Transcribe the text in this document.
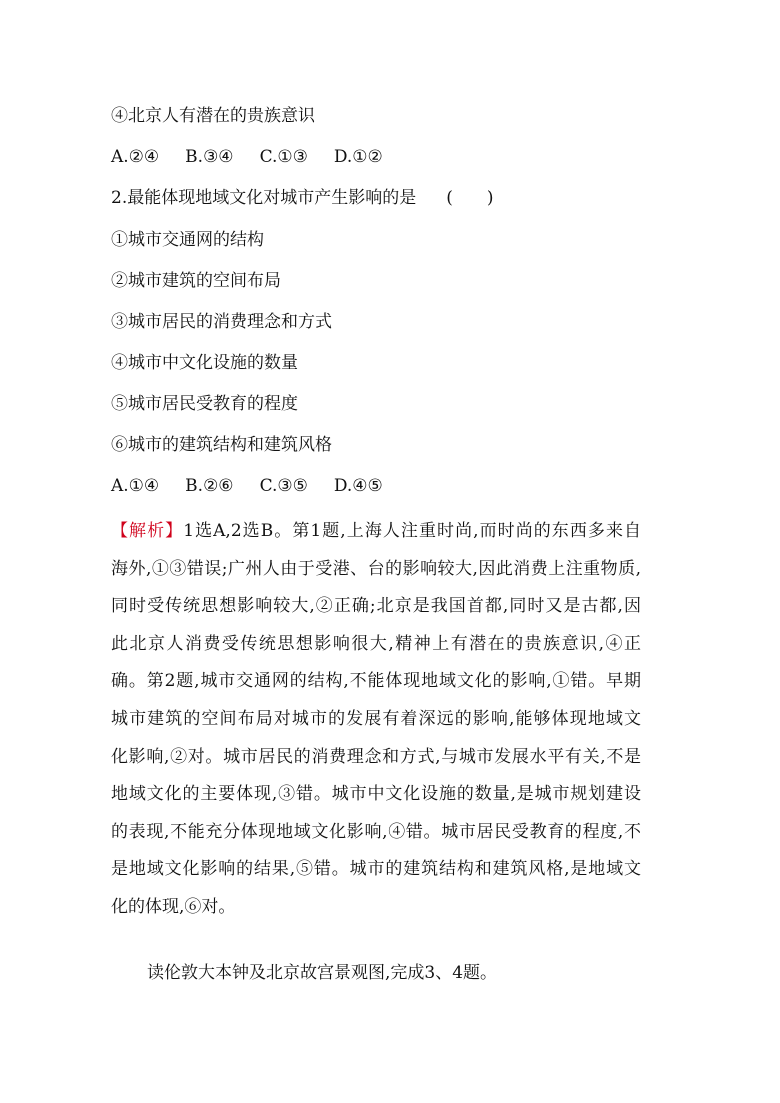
④北京人有潜在的贵族意识

A.②④ B.③④ C.①③ D.①②

2.最能体现地域文化对城市产生影响的是 (　　)

①城市交通网的结构

②城市建筑的空间布局

③城市居民的消费理念和方式

④城市中文化设施的数量

⑤城市居民受教育的程度

⑥城市的建筑结构和建筑风格

A.①④ B.②⑥ C.③⑤ D.④⑤

【解析】1选A,2选B。第1题,上海人注重时尚,而时尚的东西多来自
海外,①③错误;广州人由于受港、台的影响较大,因此消费上注重物质,
同时受传统思想影响较大,②正确;北京是我国首都,同时又是古都,因
此北京人消费受传统思想影响很大,精神上有潜在的贵族意识,④正
确。第2题,城市交通网的结构,不能体现地域文化的影响,①错。早期
城市建筑的空间布局对城市的发展有着深远的影响,能够体现地域文
化影响,②对。城市居民的消费理念和方式,与城市发展水平有关,不是
地域文化的主要体现,③错。城市中文化设施的数量,是城市规划建设
的表现,不能充分体现地域文化影响,④错。城市居民受教育的程度,不
是地域文化影响的结果,⑤错。城市的建筑结构和建筑风格,是地域文
化的体现,⑥对。

读伦敦大本钟及北京故宫景观图,完成3、4题。
